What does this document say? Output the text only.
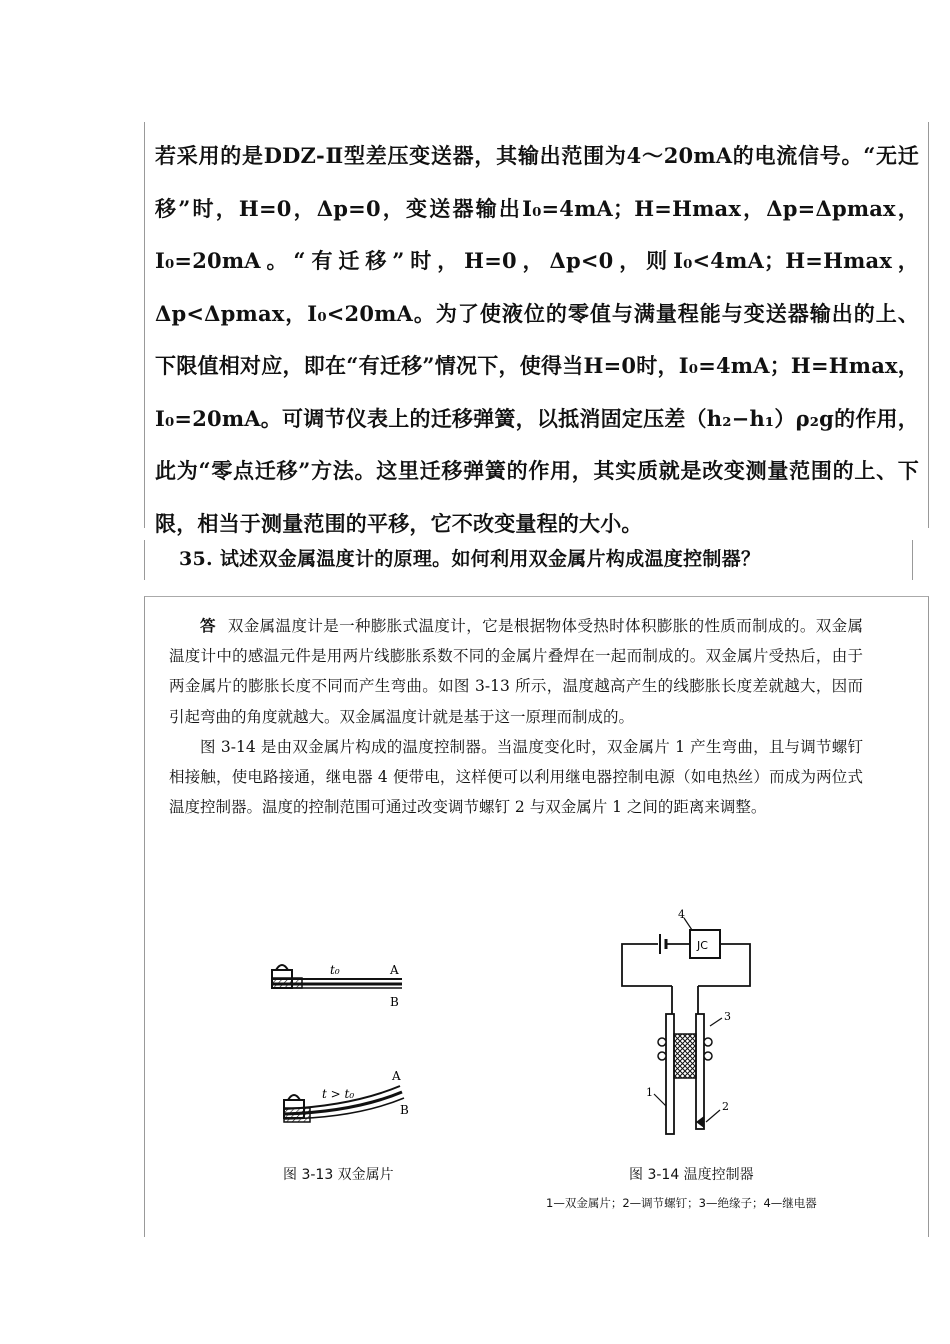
若采用的是DDZ-Ⅱ型差压变送器，其输出范围为4～20mA的电流信号。“无迁移”时，H=0，Δp=0，变送器输出I₀=4mA；H=Hmax，Δp=Δpmax，I₀=20mA。“有迁移”时，H=0，Δp<0，则I₀<4mA；H=Hmax，Δp<Δpmax，I₀<20mA。为了使液位的零值与满量程能与变送器输出的上、下限值相对应，即在“有迁移”情况下，使得当H=0时，I₀=4mA；H=Hmax，I₀=20mA。可调节仪表上的迁移弹簧，以抵消固定压差（h₂−h₁）ρ₂g的作用，此为“零点迁移”方法。这里迁移弹簧的作用，其实质就是改变测量范围的上、下限，相当于测量范围的平移，它不改变量程的大小。
35. 试述双金属温度计的原理。如何利用双金属片构成温度控制器？

答 双金属温度计是一种膨胀式温度计，它是根据物体受热时体积膨胀的性质而制成的。双金属温度计中的感温元件是用两片线膨胀系数不同的金属片叠焊在一起而制成的。双金属片受热后，由于两金属片的膨胀长度不同而产生弯曲。如图 3-13 所示，温度越高产生的线膨胀长度差就越大，因而引起弯曲的角度就越大。双金属温度计就是基于这一原理而制成的。

图 3-14 是由双金属片构成的温度控制器。当温度变化时，双金属片 1 产生弯曲，且与调节螺钉相接触，使电路接通，继电器 4 便带电，这样便可以利用继电器控制电源（如电热丝）而成为两位式温度控制器。温度的控制范围可通过改变调节螺钉 2 与双金属片 1 之间的距离来调整。

t₀	A
B
t > t₀
A
B
JC
4
3
1
2
图 3-13 双金属片	图 3-14 温度控制器
1—双金属片；2—调节螺钉；3—绝缘子；4—继电器
